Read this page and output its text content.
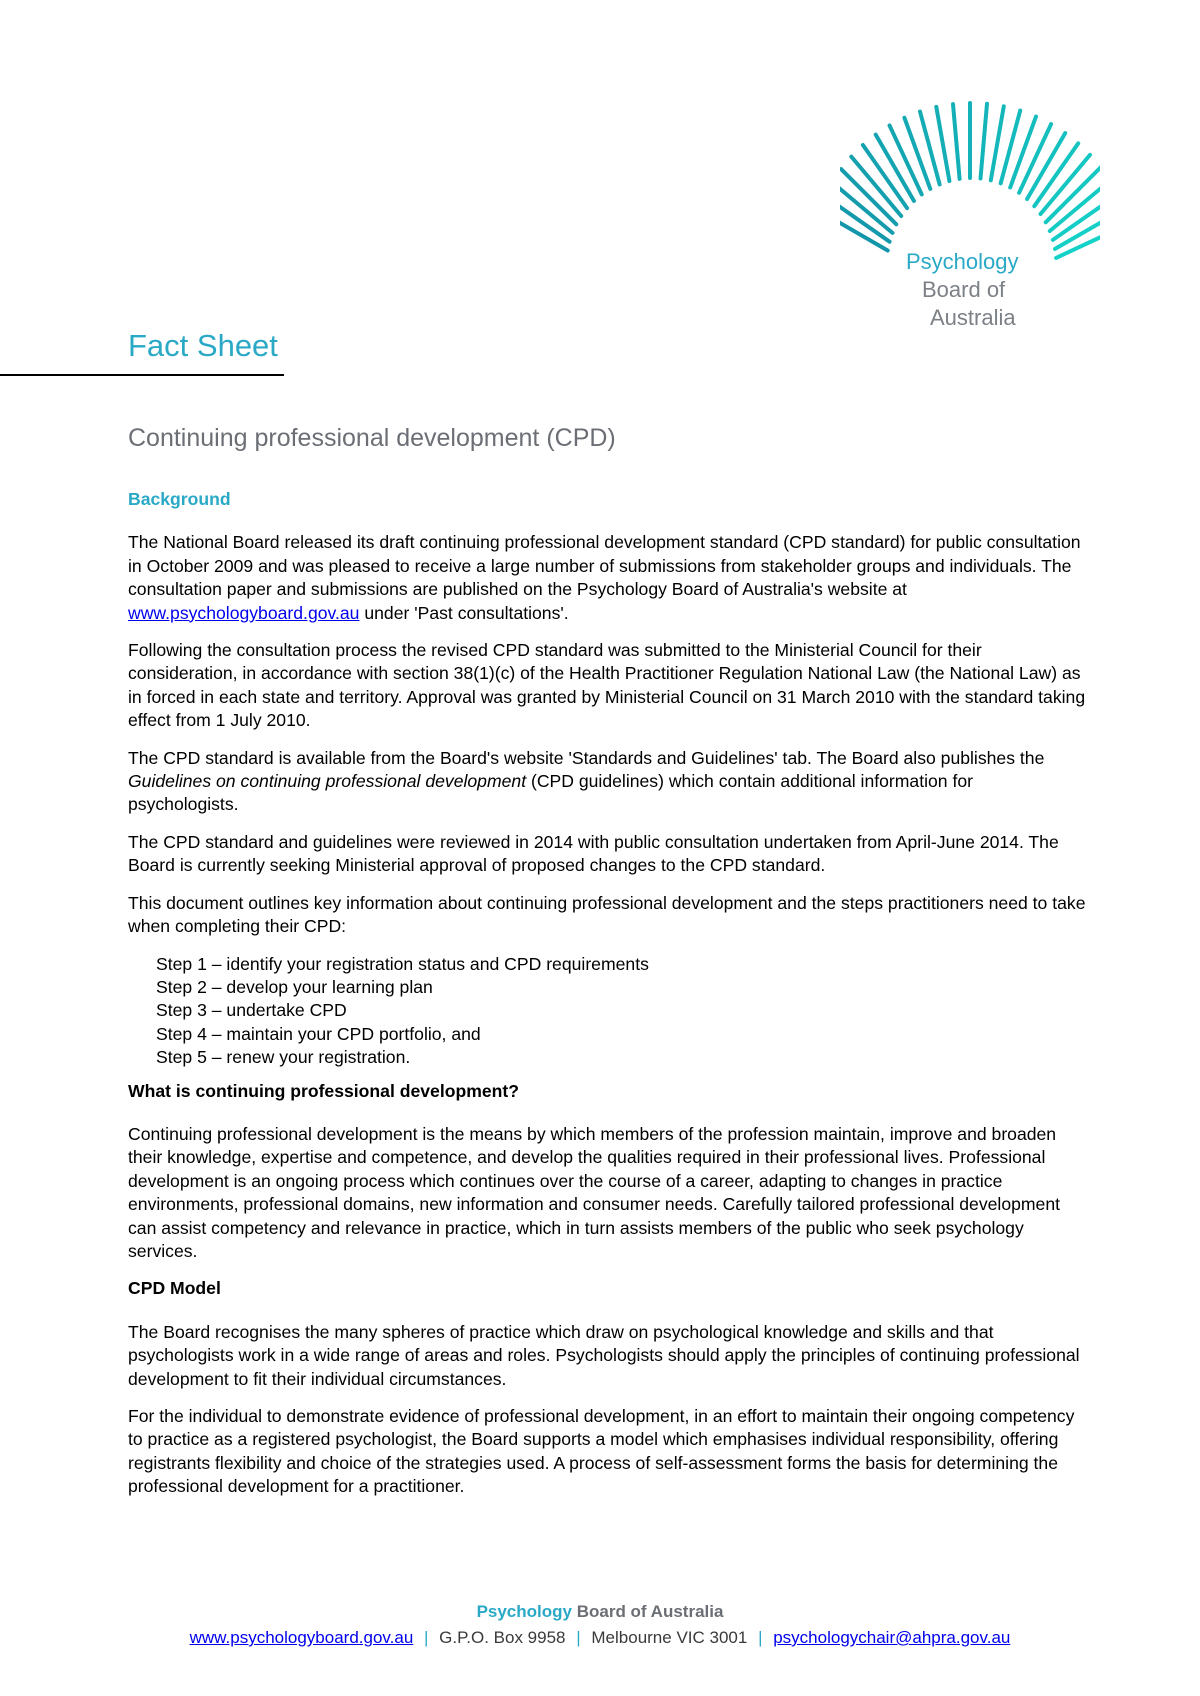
Psychology
Board of
Australia
Fact Sheet
Continuing professional development (CPD)
Background

The National Board released its draft continuing professional development standard (CPD standard) for public consultation in October 2009 and was pleased to receive a large number of submissions from stakeholder groups and individuals. The consultation paper and submissions are published on the Psychology Board of Australia's website at www.psychologyboard.gov.au under 'Past consultations'.

Following the consultation process the revised CPD standard was submitted to the Ministerial Council for their consideration, in accordance with section 38(1)(c) of the Health Practitioner Regulation National Law (the National Law) as in forced in each state and territory. Approval was granted by Ministerial Council on 31 March 2010 with the standard taking effect from 1 July 2010.

The CPD standard is available from the Board's website 'Standards and Guidelines' tab. The Board also publishes the Guidelines on continuing professional development (CPD guidelines) which contain additional information for psychologists.

The CPD standard and guidelines were reviewed in 2014 with public consultation undertaken from April-June 2014. The Board is currently seeking Ministerial approval of proposed changes to the CPD standard.

This document outlines key information about continuing professional development and the steps practitioners need to take when completing their CPD:

Step 1 – identify your registration status and CPD requirements
Step 2 – develop your learning plan
Step 3 – undertake CPD
Step 4 – maintain your CPD portfolio, and
Step 5 – renew your registration.
What is continuing professional development?

Continuing professional development is the means by which members of the profession maintain, improve and broaden their knowledge, expertise and competence, and develop the qualities required in their professional lives. Professional development is an ongoing process which continues over the course of a career, adapting to changes in practice environments, professional domains, new information and consumer needs. Carefully tailored professional development can assist competency and relevance in practice, which in turn assists members of the public who seek psychology services.

CPD Model

The Board recognises the many spheres of practice which draw on psychological knowledge and skills and that psychologists work in a wide range of areas and roles. Psychologists should apply the principles of continuing professional development to fit their individual circumstances.

For the individual to demonstrate evidence of professional development, in an effort to maintain their ongoing competency to practice as a registered psychologist, the Board supports a model which emphasises individual responsibility, offering registrants flexibility and choice of the strategies used. A process of self-assessment forms the basis for determining the professional development for a practitioner.

Psychology Board of Australia
www.psychologyboard.gov.au | G.P.O. Box 9958 | Melbourne VIC 3001 | psychologychair@ahpra.gov.au
